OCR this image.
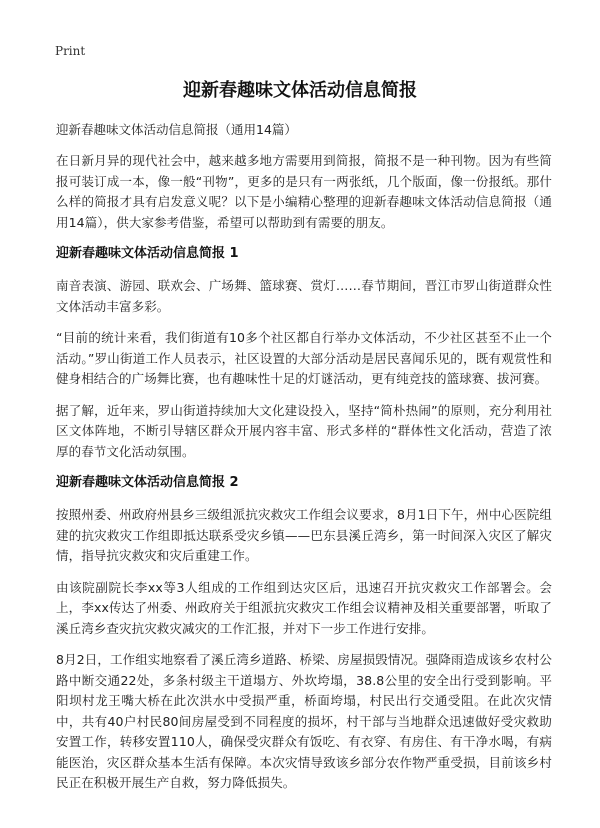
Print
迎新春趣味文体活动信息简报

迎新春趣味文体活动信息简报（通用14篇）

在日新月异的现代社会中，越来越多地方需要用到简报，简报不是一种刊物。因为有些简报可装订成一本，像一般“刊物”，更多的是只有一两张纸，几个版面，像一份报纸。那什么样的简报才具有启发意义呢？以下是小编精心整理的迎新春趣味文体活动信息简报（通用14篇），供大家参考借鉴，希望可以帮助到有需要的朋友。

迎新春趣味文体活动信息简报 1

南音表演、游园、联欢会、广场舞、篮球赛、赏灯……春节期间，晋江市罗山街道群众性文体活动丰富多彩。

“目前的统计来看，我们街道有10多个社区都自行举办文体活动，不少社区甚至不止一个活动。”罗山街道工作人员表示，社区设置的大部分活动是居民喜闻乐见的，既有观赏性和健身相结合的广场舞比赛，也有趣味性十足的灯谜活动，更有纯竞技的篮球赛、拔河赛。

据了解，近年来，罗山街道持续加大文化建设投入，坚持“简朴热闹”的原则，充分利用社区文体阵地，不断引导辖区群众开展内容丰富、形式多样的“群体性文化活动，营造了浓厚的春节文化活动氛围。

迎新春趣味文体活动信息简报 2

按照州委、州政府州县乡三级组派抗灾救灾工作组会议要求，8月1日下午，州中心医院组建的抗灾救灾工作组即抵达联系受灾乡镇——巴东县溪丘湾乡，第一时间深入灾区了解灾情，指导抗灾救灾和灾后重建工作。

由该院副院长李xx等3人组成的工作组到达灾区后，迅速召开抗灾救灾工作部署会。会上，李xx传达了州委、州政府关于组派抗灾救灾工作组会议精神及相关重要部署，听取了溪丘湾乡查灾抗灾救灾减灾的工作汇报，并对下一步工作进行安排。

8月2日，工作组实地察看了溪丘湾乡道路、桥梁、房屋损毁情况。强降雨造成该乡农村公路中断交通22处，多条村级主干道塌方、外坎垮塌，38.8公里的安全出行受到影响。平阳坝村龙王嘴大桥在此次洪水中受损严重，桥面垮塌，村民出行交通受阻。在此次灾情中，共有40户村民80间房屋受到不同程度的损坏，村干部与当地群众迅速做好受灾救助安置工作，转移安置110人，确保受灾群众有饭吃、有衣穿、有房住、有干净水喝，有病能医治，灾区群众基本生活有保障。本次灾情导致该乡部分农作物严重受损，目前该乡村民正在积极开展生产自救，努力降低损失。
